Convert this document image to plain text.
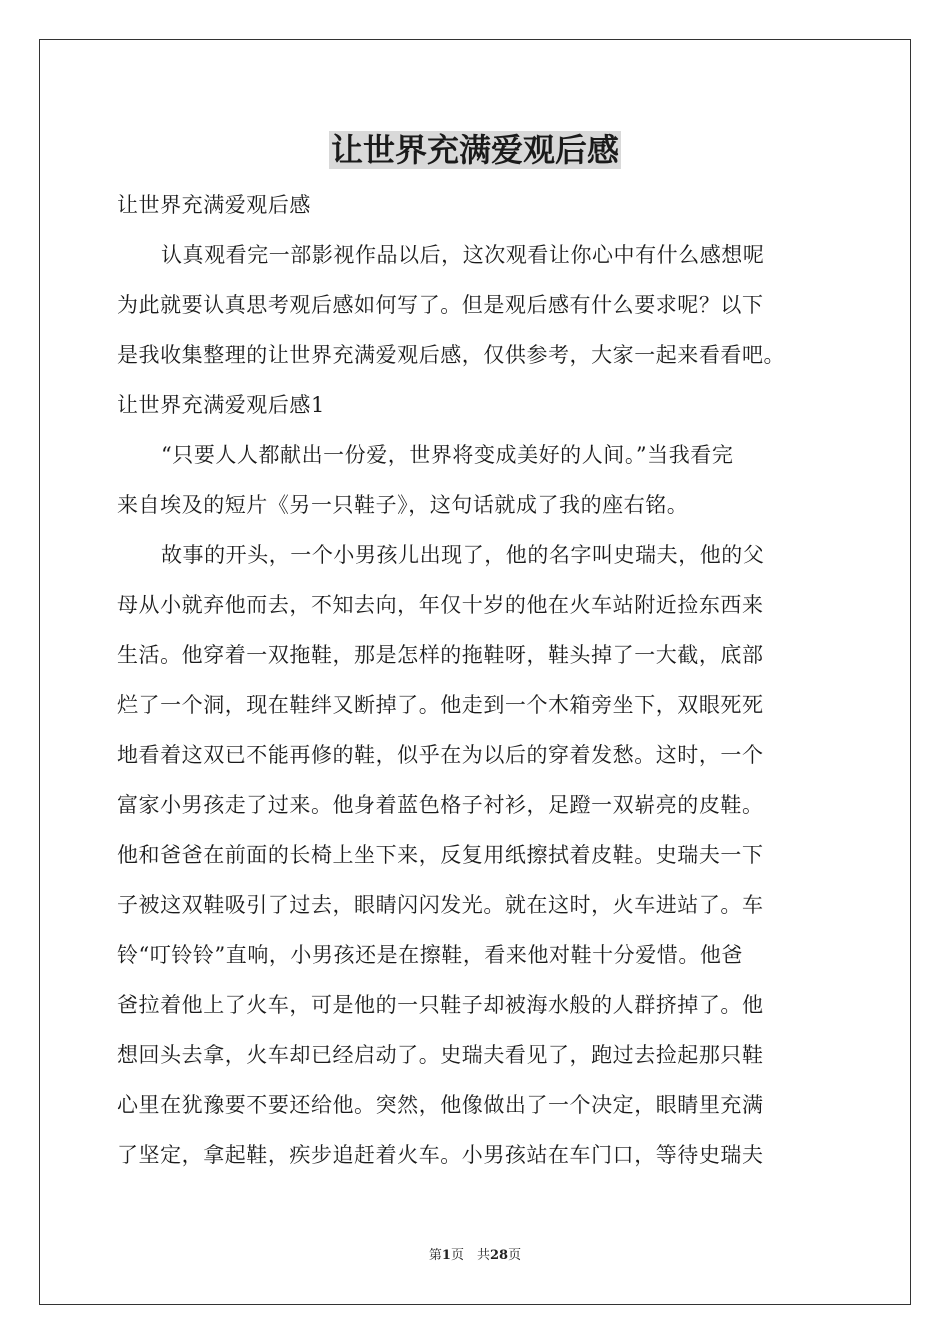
让世界充满爱观后感
让世界充满爱观后感
认真观看完一部影视作品以后，这次观看让你心中有什么感想呢
为此就要认真思考观后感如何写了。但是观后感有什么要求呢？以下
是我收集整理的让世界充满爱观后感，仅供参考，大家一起来看看吧。
让世界充满爱观后感1
“只要人人都献出一份爱，世界将变成美好的人间。”当我看完
来自埃及的短片《另一只鞋子》，这句话就成了我的座右铭。
故事的开头，一个小男孩儿出现了，他的名字叫史瑞夫，他的父
母从小就弃他而去，不知去向，年仅十岁的他在火车站附近捡东西来
生活。他穿着一双拖鞋，那是怎样的拖鞋呀，鞋头掉了一大截，底部
烂了一个洞，现在鞋绊又断掉了。他走到一个木箱旁坐下，双眼死死
地看着这双已不能再修的鞋，似乎在为以后的穿着发愁。这时，一个
富家小男孩走了过来。他身着蓝色格子衬衫，足蹬一双崭亮的皮鞋。
他和爸爸在前面的长椅上坐下来，反复用纸擦拭着皮鞋。史瑞夫一下
子被这双鞋吸引了过去，眼睛闪闪发光。就在这时，火车进站了。车
铃“叮铃铃”直响，小男孩还是在擦鞋，看来他对鞋十分爱惜。他爸
爸拉着他上了火车，可是他的一只鞋子却被海水般的人群挤掉了。他
想回头去拿，火车却已经启动了。史瑞夫看见了，跑过去捡起那只鞋
心里在犹豫要不要还给他。突然，他像做出了一个决定，眼睛里充满
了坚定，拿起鞋，疾步追赶着火车。小男孩站在车门口，等待史瑞夫
第1页　共28页
